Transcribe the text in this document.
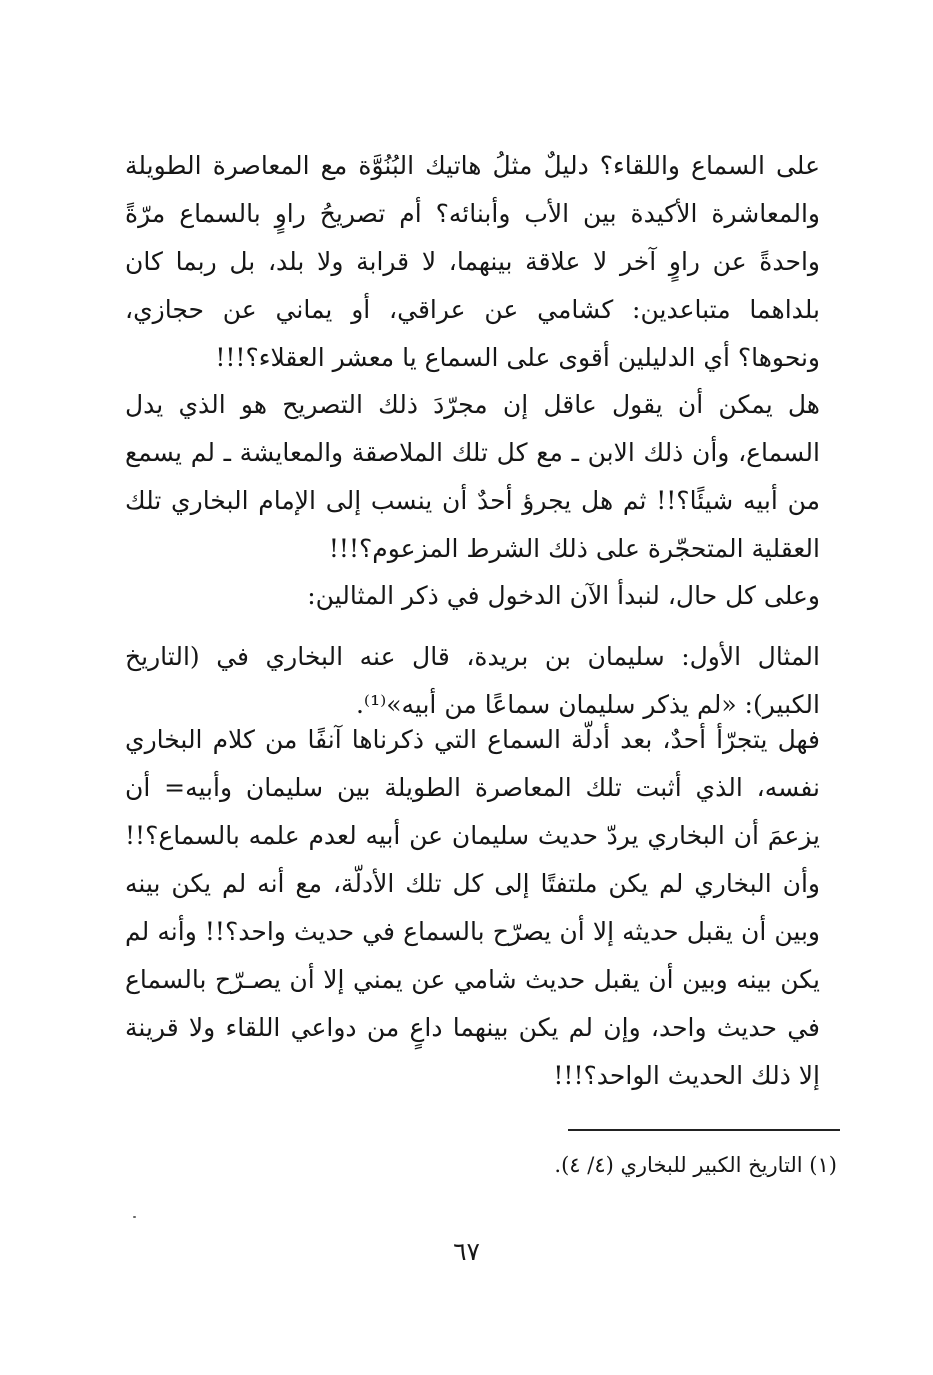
على السماع واللقاء؟ دليلٌ مثلُ هاتيك البُنُوَّة مع المعاصرة الطويلة والمعاشرة الأكيدة بين الأب وأبنائه؟ أم تصريحُ راوٍ بالسماع مرّةً واحدةً عن راوٍ آخر لا علاقة بينهما، لا قرابة ولا بلد، بل ربما كان بلداهما متباعدين: كشامي عن عراقي، أو يماني عن حجازي، ونحوها؟ أي الدليلين أقوى على السماع يا معشر العقلاء؟!!!

هل يمكن أن يقول عاقل إن مجرّدَ ذلك التصريح هو الذي يدل السماع، وأن ذلك الابن ـ مع كل تلك الملاصقة والمعايشة ـ لم يسمع من أبيه شيئًا؟!! ثم هل يجرؤ أحدٌ أن ينسب إلى الإمام البخاري تلك العقلية المتحجّرة على ذلك الشرط المزعوم؟!!!

وعلى كل حال، لنبدأ الآن الدخول في ذكر المثالين:

المثال الأول: سليمان بن بريدة، قال عنه البخاري في (التاريخ الكبير): «لم يذكر سليمان سماعًا من أبيه»⁽¹⁾.

فهل يتجرّأ أحدٌ، بعد أدلّة السماع التي ذكرناها آنفًا من كلام البخاري نفسه، الذي أثبت تلك المعاصرة الطويلة بين سليمان وأبيه= أن يزعمَ أن البخاري يردّ حديث سليمان عن أبيه لعدم علمه بالسماع؟!! وأن البخاري لم يكن ملتفتًا إلى كل تلك الأدلّة، مع أنه لم يكن بينه وبين أن يقبل حديثه إلا أن يصرّح بالسماع في حديث واحد؟!! وأنه لم يكن بينه وبين أن يقبل حديث شامي عن يمني إلا أن يصـرّح بالسماع في حديث واحد، وإن لم يكن بينهما داعٍ من دواعي اللقاء ولا قرينة إلا ذلك الحديث الواحد؟!!!

(١) التاريخ الكبير للبخاري (٤/ ٤).
٦٧
